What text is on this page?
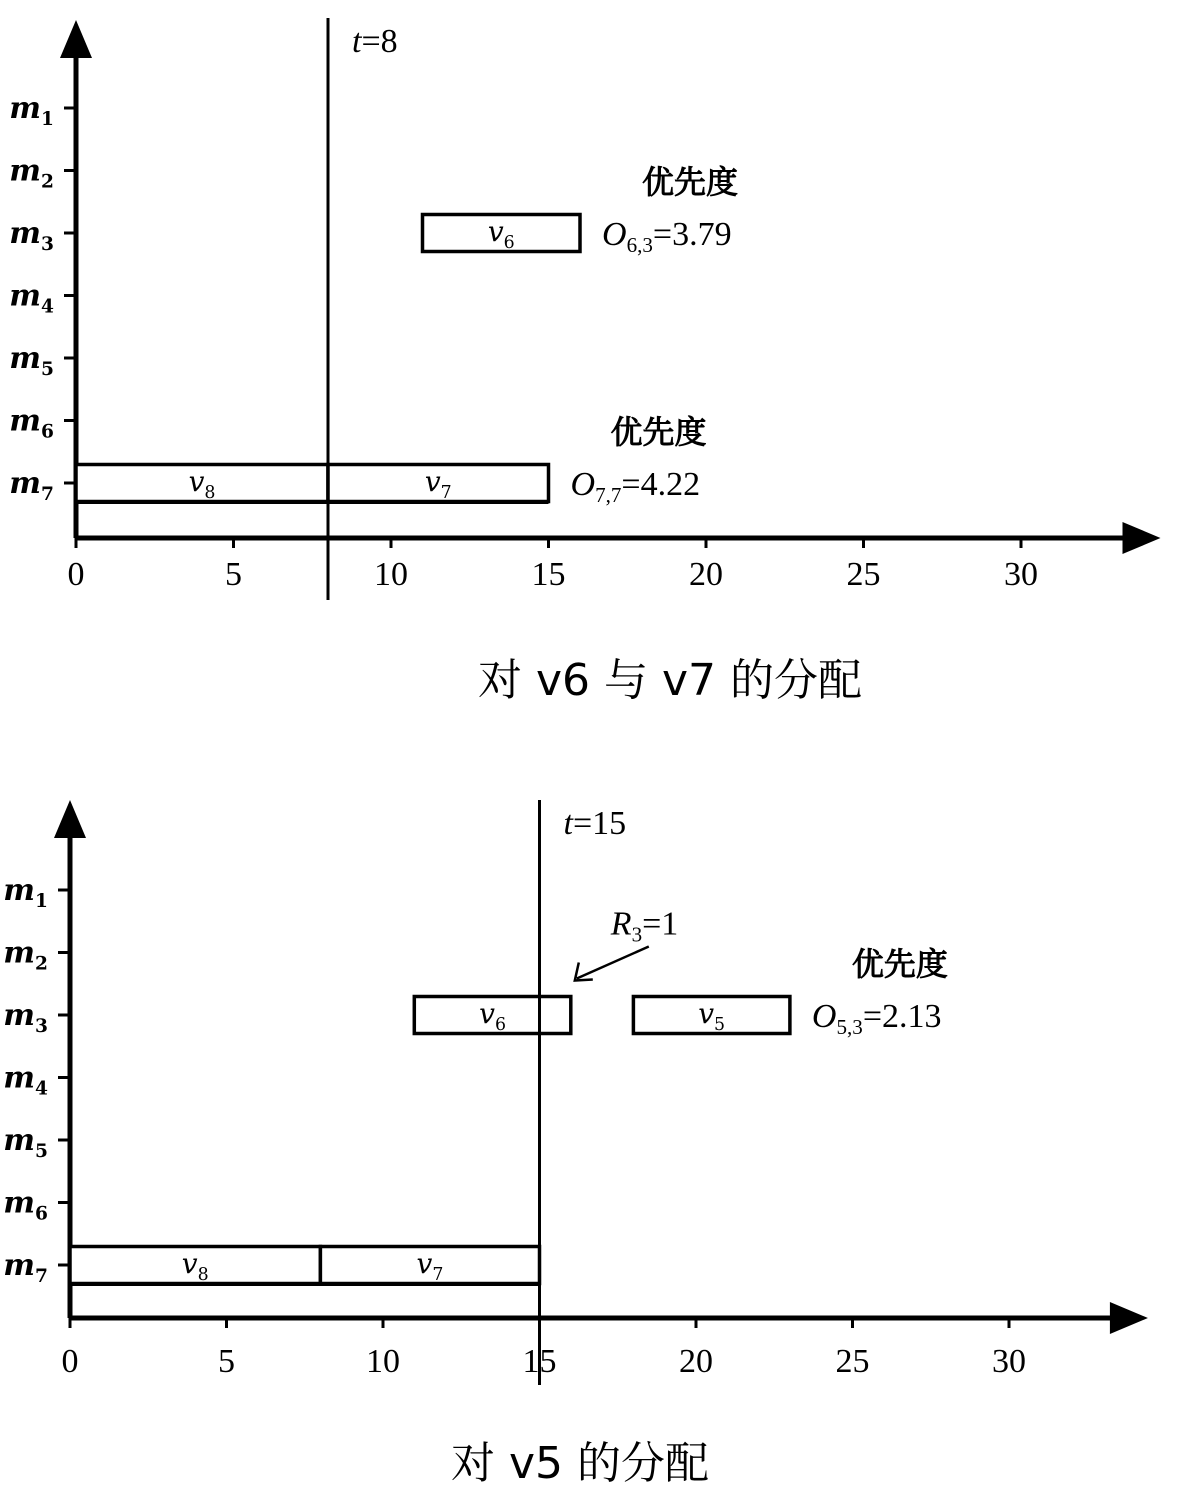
$m_1$
$m_2$
$m_3$
$m_4$
$m_5$
$m_6$
$m_7$
0	5	10	15	20	25	30
$v_8$	$v_7$
$v_6$
t=8
优先度
$O_{6,3}=3.79$
优先度
$O_{7,7}=4.22$
对 v6 与 v7 的分配
$m_1$
$m_2$
$m_3$
$m_4$
$m_5$
$m_6$
$m_7$
0	5	10	15	20	25	30
$v_8$	$v_7$
$v_6$	$v_5$
t=15
优先度
$O_{5,3}=2.13$
$R_3=1$
对 v5 的分配
